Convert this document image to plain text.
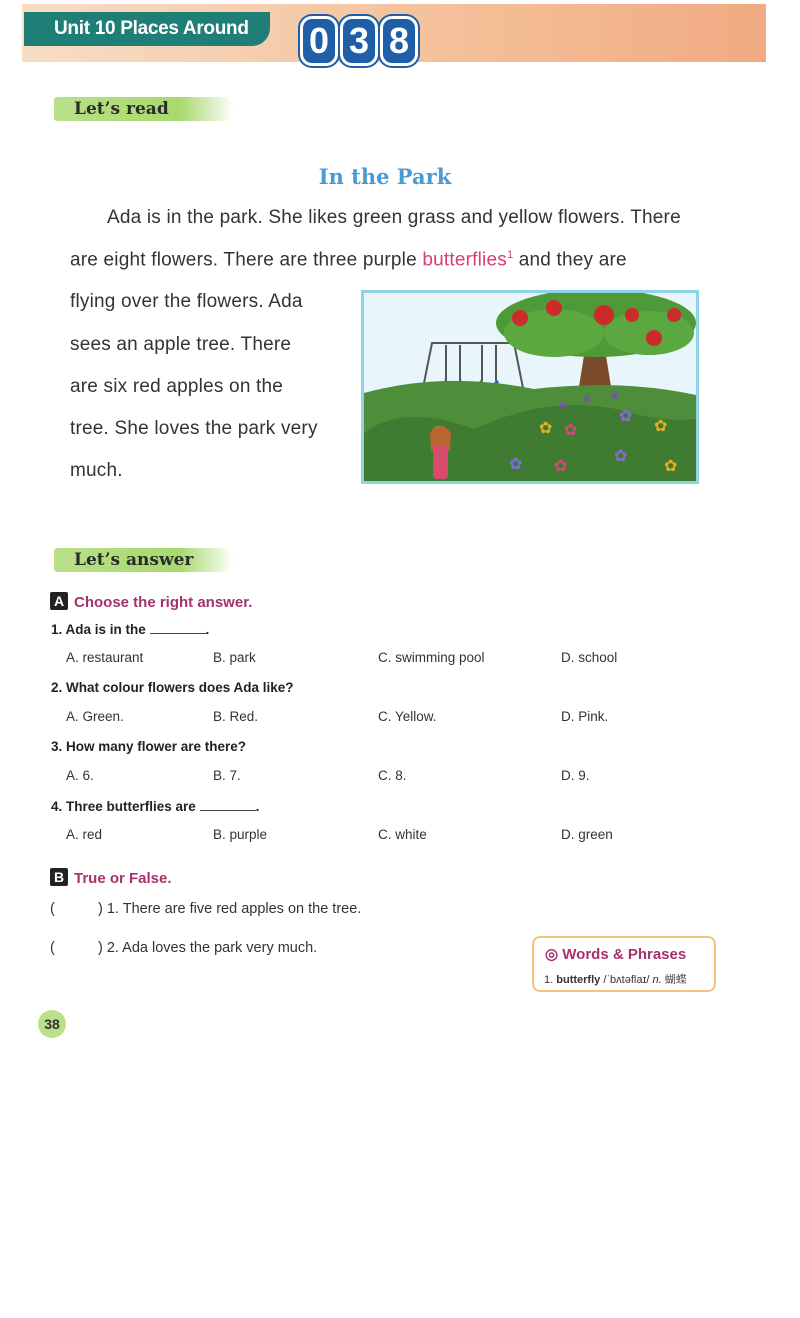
Unit 10 Places Around	0 3 8
Let’s read
In the Park
Ada is in the park. She likes green grass and yellow flowers. There
are eight flowers. There are three purple butterflies$^1$ and they are
flying over the flowers. Ada
sees an apple tree. There
are six red apples on the
tree. She loves the park very
much.
✿ ✿
✿
✿
✿ ✿
✿
✿
❦ ❦ ❦
Let’s answer
A Choose the right answer.
1. Ada is in the	.
A. restaurant	B. park	C. swimming pool	D. school
2. What colour flowers does Ada like?
A. Green.	B. Red.	C. Yellow.	D. Pink.
3. How many flower are there?
A. 6.	B. 7.	C. 8.	D. 9.
4. Three butterflies are	.
A. red	B. purple	C. white	D. green
B True or False.
(	) 1. There are five red apples on the tree.
(	) 2. Ada loves the park very much.	◎ Words & Phrases
1. butterfly /ˈbʌtəflaɪ/ n. 蝴蝶
38
